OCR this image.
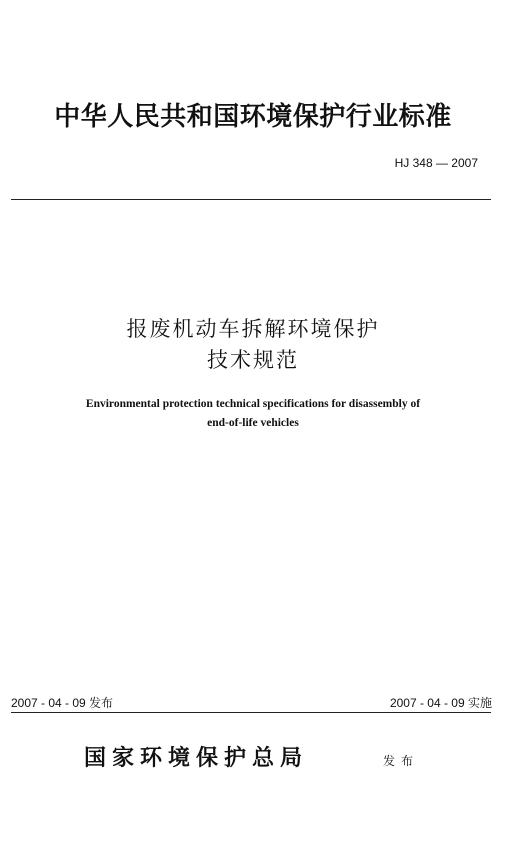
中华人民共和国环境保护行业标准
HJ 348 — 2007
报废机动车拆解环境保护
技术规范
Environmental protection technical specifications for disassembly of
end-of-life vehicles
2007 - 04 - 09 发布	2007 - 04 - 09 实施
国家环境保护总局	发布
